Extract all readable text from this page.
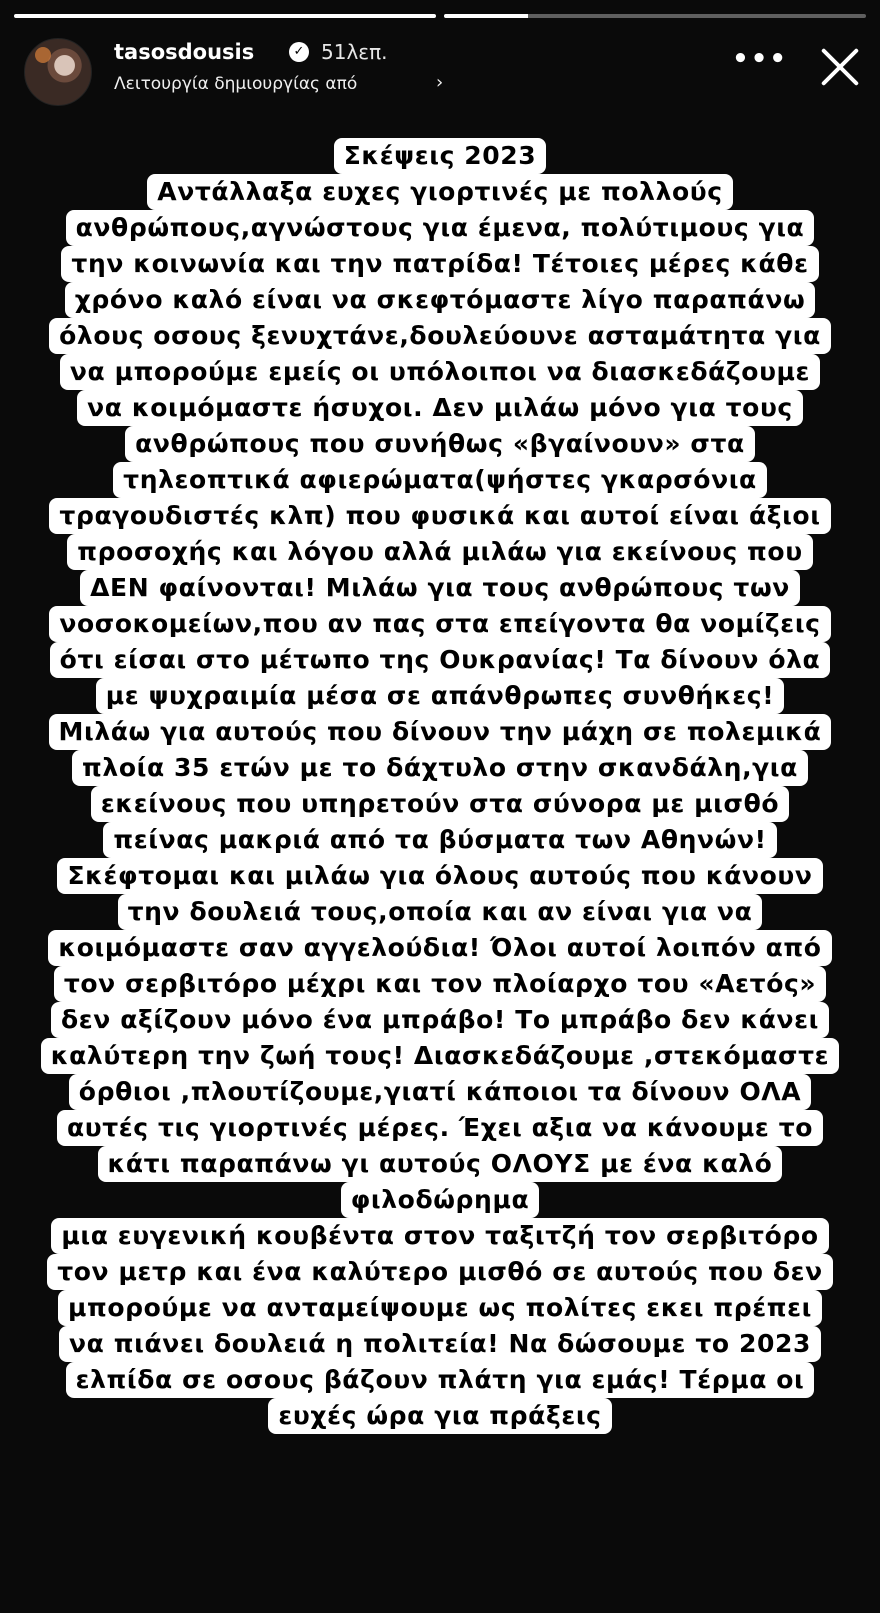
tasosdousis	✓ 51λεπ.
Λειτουργία δημιουργίας από	›
•••
Σκέψεις 2023
Αντάλλαξα ευχες γιορτινές με πολλούς
ανθρώπους,αγνώστους για έμενα, πολύτιμους για
την κοινωνία και την πατρίδα! Τέτοιες μέρες κάθε
χρόνο καλό είναι να σκεφτόμαστε λίγο παραπάνω
όλους οσους ξενυχτάνε,δουλεύουνε ασταμάτητα για
να μπορούμε εμείς οι υπόλοιποι να διασκεδάζουμε
να κοιμόμαστε ήσυχοι. Δεν μιλάω μόνο για τους
ανθρώπους που συνήθως «βγαίνουν» στα
τηλεοπτικά αφιερώματα(ψήστες γκαρσόνια
τραγουδιστές κλπ) που φυσικά και αυτοί είναι άξιοι
προσοχής και λόγου αλλά μιλάω για εκείνους που
ΔΕΝ φαίνονται! Μιλάω για τους ανθρώπους των
νοσοκομείων,που αν πας στα επείγοντα θα νομίζεις
ότι είσαι στο μέτωπο της Ουκρανίας! Τα δίνουν όλα
με ψυχραιμία μέσα σε απάνθρωπες συνθήκες!
Μιλάω για αυτούς που δίνουν την μάχη σε πολεμικά
πλοία 35 ετών με το δάχτυλο στην σκανδάλη,για
εκείνους που υπηρετούν στα σύνορα με μισθό
πείνας μακριά από τα βύσματα των Αθηνών!
Σκέφτομαι και μιλάω για όλους αυτούς που κάνουν
την δουλειά τους,οποία και αν είναι για να
κοιμόμαστε σαν αγγελούδια! Όλοι αυτοί λοιπόν από
τον σερβιτόρο μέχρι και τον πλοίαρχο του «Αετός»
δεν αξίζουν μόνο ένα μπράβο! Το μπράβο δεν κάνει
καλύτερη την ζωή τους! Διασκεδάζουμε ,στεκόμαστε
όρθιοι ,πλουτίζουμε,γιατί κάποιοι τα δίνουν ΟΛΑ
αυτές τις γιορτινές μέρες. Έχει αξια να κάνουμε το
κάτι παραπάνω γι αυτούς ΟΛΟΥΣ με ένα καλό
φιλοδώρημα
μια ευγενική κουβέντα στον ταξιτζή τον σερβιτόρο
τον μετρ και ένα καλύτερο μισθό σε αυτούς που δεν
μπορούμε να ανταμείψουμε ως πολίτες εκει πρέπει
να πιάνει δουλειά η πολιτεία! Να δώσουμε το 2023
ελπίδα σε οσους βάζουν πλάτη για εμάς! Τέρμα οι
ευχές ώρα για πράξεις
